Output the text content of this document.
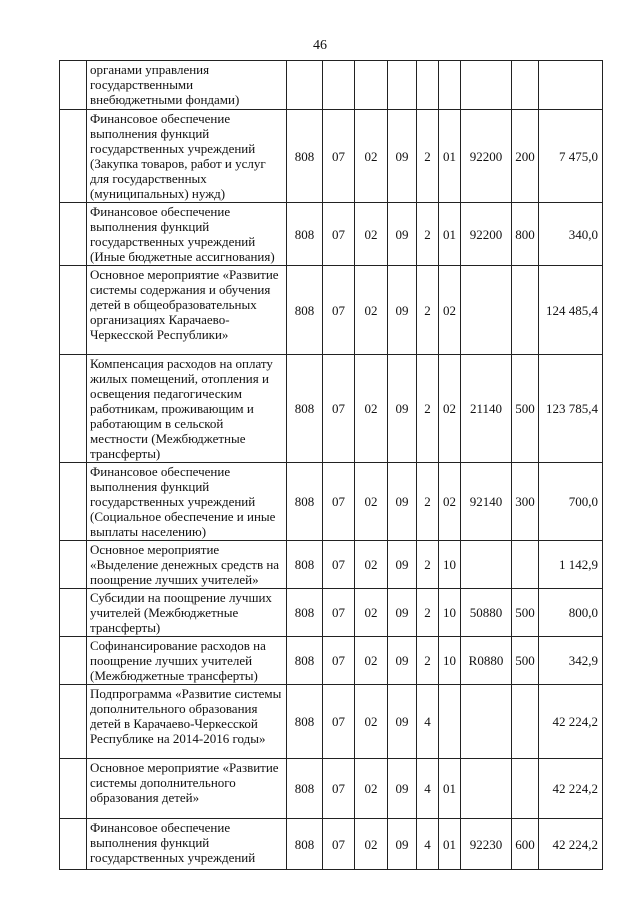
46
	органами управления государственными внебюджетными фондами)									
	Финансовое обеспечение выполнения функций государственных учреждений (Закупка товаров, работ и услуг для государственных (муниципальных) нужд)	808	07	02	09	2	01	92200	200	7 475,0
	Финансовое обеспечение выполнения функций государственных учреждений (Иные бюджетные ассигнования)	808	07	02	09	2	01	92200	800	340,0
	Основное мероприятие «Развитие системы содержания и обучения детей в общеобразовательных организациях Карачаево-Черкесской Республики»	808	07	02	09	2	02			124 485,4
	Компенсация расходов на оплату жилых помещений, отопления и освещения педагогическим работникам, проживающим и работающим в сельской местности (Межбюджетные трансферты)	808	07	02	09	2	02	21140	500	123 785,4
	Финансовое обеспечение выполнения функций государственных учреждений (Социальное обеспечение и иные выплаты населению)	808	07	02	09	2	02	92140	300	700,0
	Основное мероприятие «Выделение денежных средств на поощрение лучших учителей»	808	07	02	09	2	10			1 142,9
	Субсидии на поощрение лучших учителей (Межбюджетные трансферты)	808	07	02	09	2	10	50880	500	800,0
	Софинансирование расходов на поощрение лучших учителей (Межбюджетные трансферты)	808	07	02	09	2	10	R0880	500	342,9
	Подпрограмма «Развитие системы дополнительного образования детей в Карачаево-Черкесской Республике на 2014-2016 годы»	808	07	02	09	4				42 224,2
	Основное мероприятие «Развитие системы дополнительного образования детей»	808	07	02	09	4	01			42 224,2
	Финансовое обеспечение выполнения функций государственных учреждений	808	07	02	09	4	01	92230	600	42 224,2
